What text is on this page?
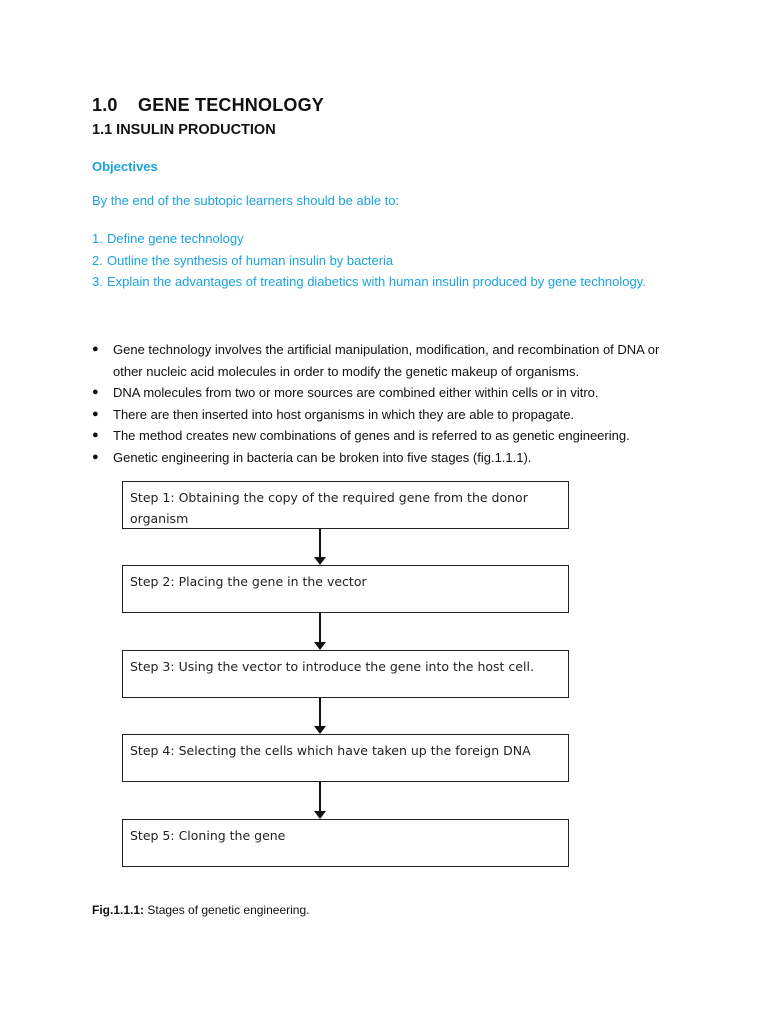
1.0 GENE TECHNOLOGY
1.1 INSULIN PRODUCTION
Objectives
By the end of the subtopic learners should be able to:
1. Define gene technology
2. Outline the synthesis of human insulin by bacteria
3. Explain the advantages of treating diabetics with human insulin produced by gene technology.
●	Gene technology involves the artificial manipulation, modification, and recombination of DNA or other nucleic acid molecules in order to modify the genetic makeup of organisms.
●	DNA molecules from two or more sources are combined either within cells or in vitro.
●	There are then inserted into host organisms in which they are able to propagate.
●	The method creates new combinations of genes and is referred to as genetic engineering.
●	Genetic engineering in bacteria can be broken into five stages (fig.1.1.1).
Step 1: Obtaining the copy of the required gene from the donor organism
Step 2: Placing the gene in the vector
Step 3: Using the vector to introduce the gene into the host cell.
Step 4: Selecting the cells which have taken up the foreign DNA
Step 5: Cloning the gene
Fig.1.1.1: Stages of genetic engineering.
